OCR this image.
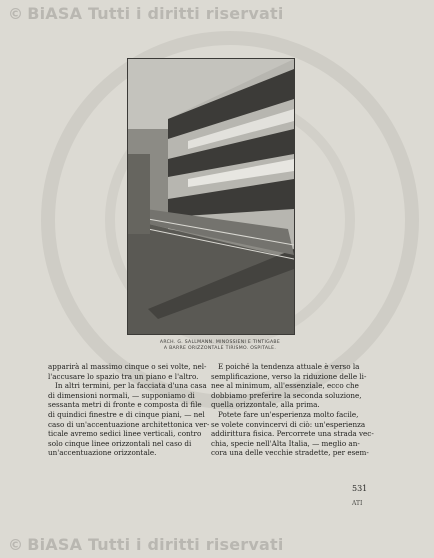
© BiASA Tutti i diritti riservati
ARCH. G. SALLMANN. MINOSSIENI E TINTIGABE
A BARRE ORIZZONTALE TIRISMO. OSPITALE.
apparirà al massimo cinque o sei volte, nel-
l'accusare lo spazio tra un piano e l'altro.
In altri termini, per la facciata d'una casa
di dimensioni normali, — supponiamo di
sessanta metri di fronte e composta di file
di quindici finestre e di cinque piani, — nel
caso di un'accentuazione architettonica ver-
ticale avremo sedici linee verticali, contro
solo cinque linee orizzontali nel caso di
un'accentuazione orizzontale.
E poiché la tendenza attuale è verso la
semplificazione, verso la riduzione delle li-
nee al minimum, all'essenziale, ecco che
dobbiamo preferire la seconda soluzione,
quella orizzontale, alla prima.
Potete fare un'esperienza molto facile,
se volete convincervi di ciò: un'esperienza
addirittura fisica. Percorrete una strada vec-
chia, specie nell'Alta Italia, — meglio an-
cora una delle vecchie stradette, per esem-
531
ATI
© BiASA Tutti i diritti riservati
